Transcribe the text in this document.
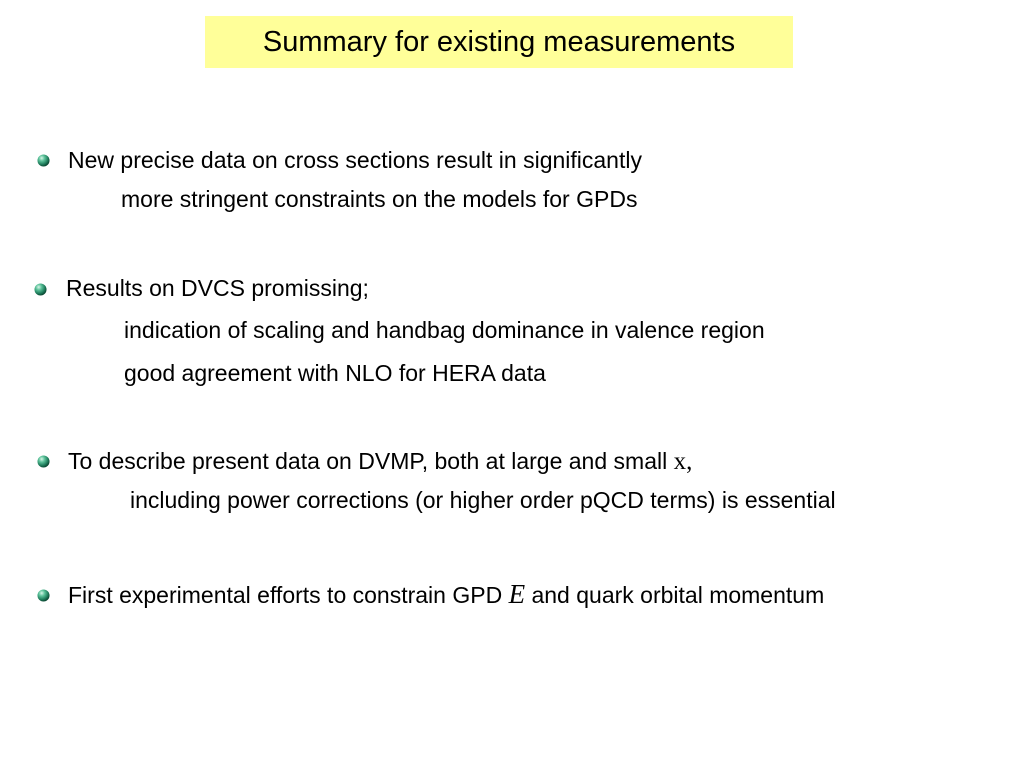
Summary for existing measurements
New precise data on cross sections result in significantly
more stringent constraints on the models for GPDs
Results on DVCS promissing;
indication of scaling and handbag dominance in valence region
good agreement with NLO for HERA data
To describe present data on DVMP, both at large and small x,
including power corrections (or higher order pQCD terms) is essential
First experimental efforts to constrain GPD E and quark orbital momentum
